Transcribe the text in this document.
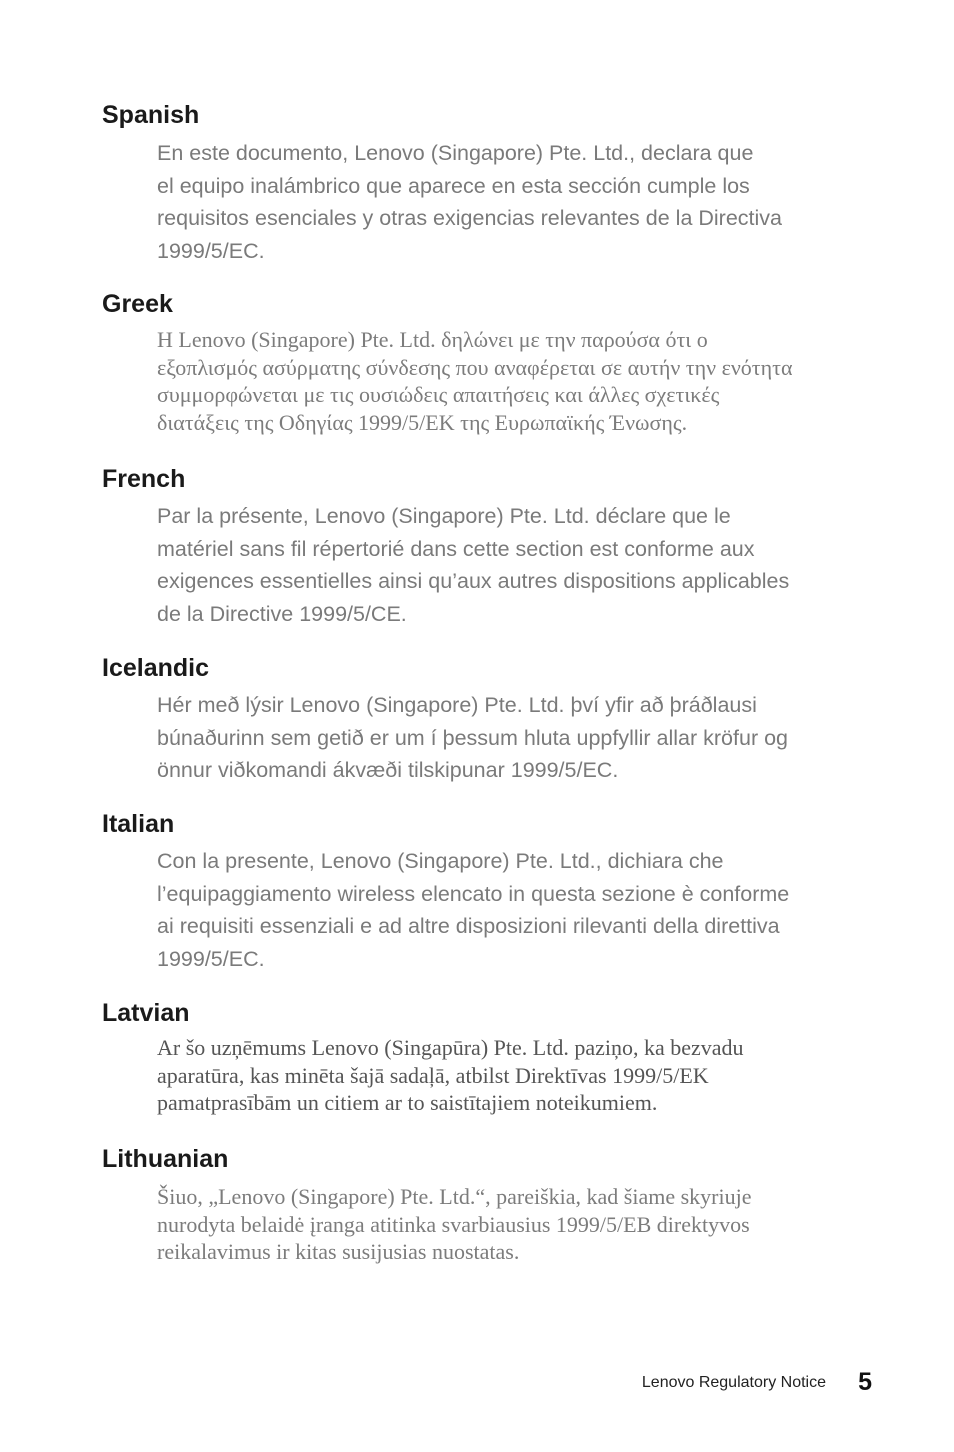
Spanish
En este documento, Lenovo (Singapore) Pte. Ltd., declara que
el equipo inalámbrico que aparece en esta sección cumple los
requisitos esenciales y otras exigencias relevantes de la Directiva
1999/5/EC.
Greek
Η Lenovo (Singapore) Pte. Ltd. δηλώνει με την παρούσα ότι ο
εξοπλισμός ασύρματης σύνδεσης που αναφέρεται σε αυτήν την ενότητα
συμμορφώνεται με τις ουσιώδεις απαιτήσεις και άλλες σχετικές
διατάξεις της Οδηγίας 1999/5/ΕΚ της Ευρωπαϊκής Ένωσης.
French
Par la présente, Lenovo (Singapore) Pte. Ltd. déclare que le
matériel sans fil répertorié dans cette section est conforme aux
exigences essentielles ainsi qu’aux autres dispositions applicables
de la Directive 1999/5/CE.
Icelandic
Hér með lýsir Lenovo (Singapore) Pte. Ltd. því yfir að þráðlausi
búnaðurinn sem getið er um í þessum hluta uppfyllir allar kröfur og
önnur viðkomandi ákvæði tilskipunar 1999/5/EC.
Italian
Con la presente, Lenovo (Singapore) Pte. Ltd., dichiara che
l’equipaggiamento wireless elencato in questa sezione è conforme
ai requisiti essenziali e ad altre disposizioni rilevanti della direttiva
1999/5/EC.
Latvian
Ar šo uzņēmums Lenovo (Singapūra) Pte. Ltd. paziņo, ka bezvadu
aparatūra, kas minēta šajā sadaļā, atbilst Direktīvas 1999/5/EK
pamatprasībām un citiem ar to saistītajiem noteikumiem.
Lithuanian
Šiuo, „Lenovo (Singapore) Pte. Ltd.“, pareiškia, kad šiame skyriuje
nurodyta belaidė įranga atitinka svarbiausius 1999/5/EB direktyvos
reikalavimus ir kitas susijusias nuostatas.
Lenovo Regulatory Notice 5
